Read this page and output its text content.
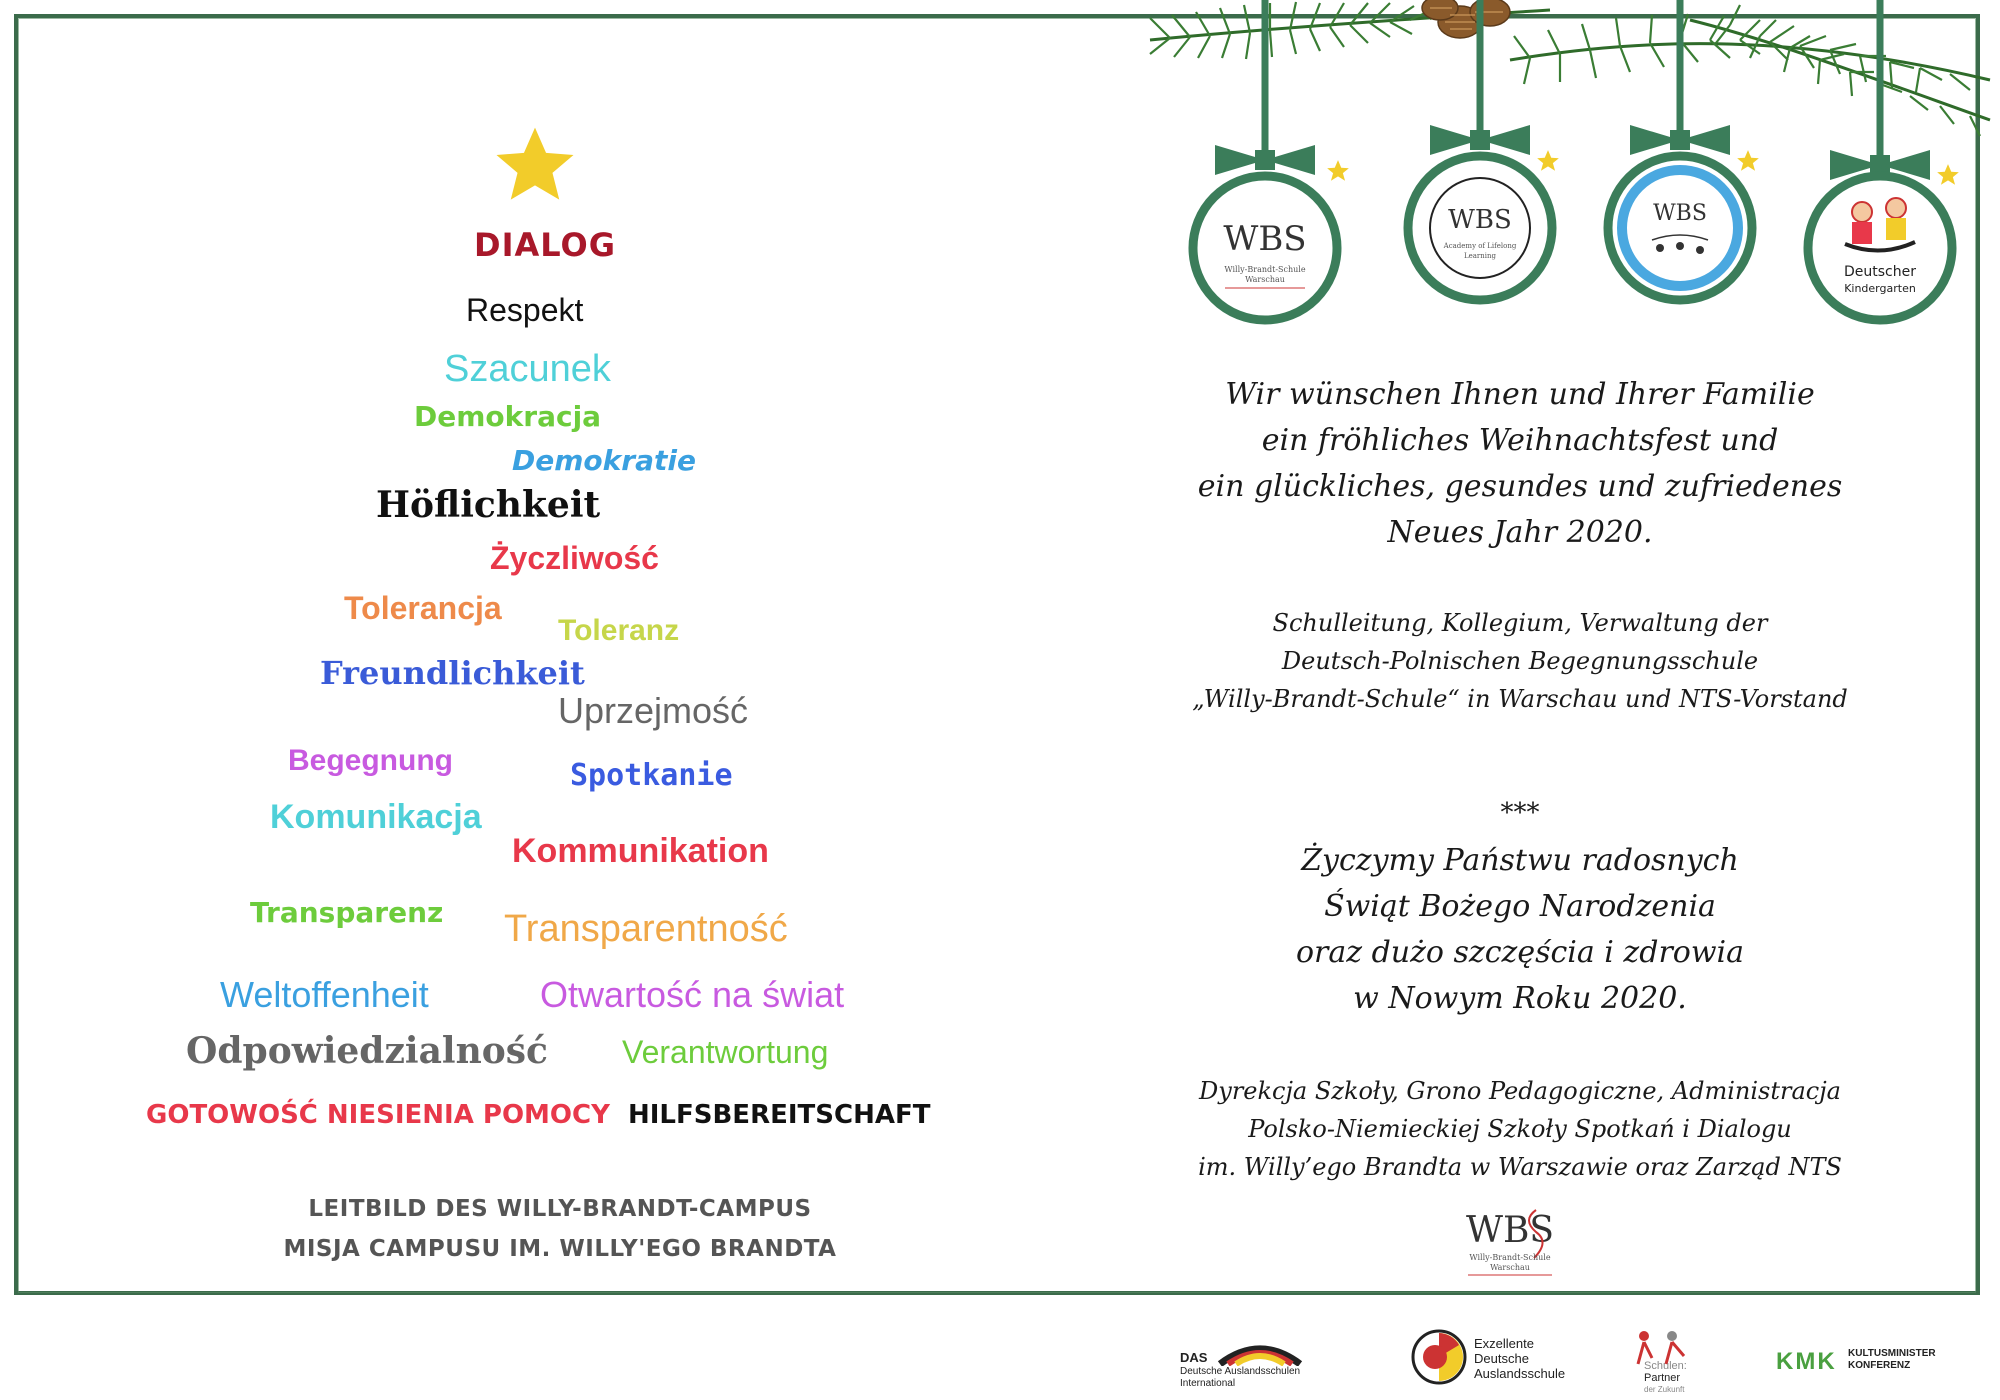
WBS
Willy-Brandt-Schule
Warschau
WBS
Academy of Lifelong
Learning
WBS
Deutscher
Kindergarten
DIALOG
Respekt
Szacunek
Demokracja
Demokratie
Höflichkeit
Życzliwość
Tolerancja
Toleranz
Freundlichkeit
Uprzejmość
Begegnung	Spotkanie
Komunikacja
Kommunikation
Transparenz Transparentność
Weltoffenheit	Otwartość na świat
Odpowiedzialność Verantwortung
GOTOWOŚĆ NIESIENIA POMOCY HILFSBEREITSCHAFT
LEITBILD DES WILLY-BRANDT-CAMPUS
MISJA CAMPUSU IM. WILLY'EGO BRANDTA
Wir wünschen Ihnen und Ihrer Familie
ein fröhliches Weihnachtsfest und
ein glückliches, gesundes und zufriedenes
Neues Jahr 2020.
Schulleitung, Kollegium, Verwaltung der
Deutsch-Polnischen Begegnungsschule
„Willy-Brandt-Schule“ in Warschau und NTS-Vorstand
***
Życzymy Państwu radosnych
Świąt Bożego Narodzenia
oraz dużo szczęścia i zdrowia
w Nowym Roku 2020.
Dyrekcja Szkoły, Grono Pedagogiczne, Administracja
Polsko-Niemieckiej Szkoły Spotkań i Dialogu
im. Willy’ego Brandta w Warszawie oraz Zarząd NTS
WBS
Willy-Brandt-Schule
Warschau
DAS
Deutsche Auslandsschulen
International
Exzellente
Deutsche
Auslandsschule	Schulen:
Partner
der Zukunft
KMK KULTUSMINISTER
KONFERENZ
